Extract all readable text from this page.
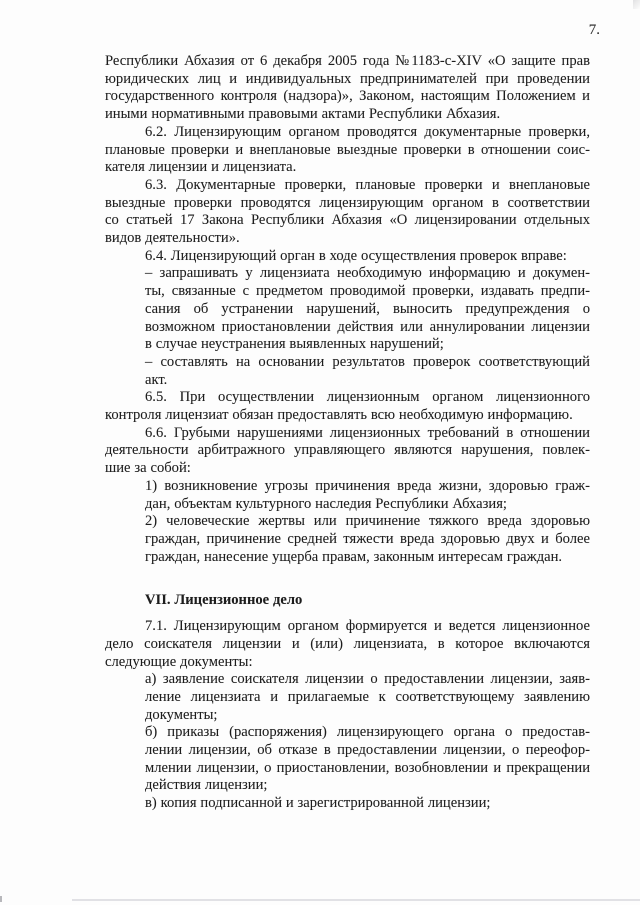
7.
Республики Абхазия от 6 декабря 2005 года №1183-с-XIV «О защите прав
юридических лиц и индивидуальных предпринимателей при проведении
государственного контроля (надзора)», Законом, настоящим Положением и
иными нормативными правовыми актами Республики Абхазия.
6.2. Лицензирующим органом проводятся документарные проверки,
плановые проверки и внеплановые выездные проверки в отношении соис-
кателя лицензии и лицензиата.
6.3. Документарные проверки, плановые проверки и внеплановые
выездные проверки проводятся лицензирующим органом в соответствии
со статьей 17 Закона Республики Абхазия «О лицензировании отдельных
видов деятельности».
6.4. Лицензирующий орган в ходе осуществления проверок вправе:
– запрашивать у лицензиата необходимую информацию и докумен-
ты, связанные с предметом проводимой проверки, издавать предпи-
сания об устранении нарушений, выносить предупреждения о
возможном приостановлении действия или аннулировании лицензии
в случае неустранения выявленных нарушений;
– составлять на основании результатов проверок соответствующий
акт.
6.5. При осуществлении лицензионным органом лицензионного
контроля лицензиат обязан предоставлять всю необходимую информацию.
6.6. Грубыми нарушениями лицензионных требований в отношении
деятельности арбитражного управляющего являются нарушения, повлек-
шие за собой:
1) возникновение угрозы причинения вреда жизни, здоровью граж-
дан, объектам культурного наследия Республики Абхазия;
2) человеческие жертвы или причинение тяжкого вреда здоровью
граждан, причинение средней тяжести вреда здоровью двух и более
граждан, нанесение ущерба правам, законным интересам граждан.
VII. Лицензионное дело
7.1. Лицензирующим органом формируется и ведется лицензионное
дело соискателя лицензии и (или) лицензиата, в которое включаются
следующие документы:
а) заявление соискателя лицензии о предоставлении лицензии, заяв-
ление лицензиата и прилагаемые к соответствующему заявлению
документы;
б) приказы (распоряжения) лицензирующего органа о предостав-
лении лицензии, об отказе в предоставлении лицензии, о переофор-
млении лицензии, о приостановлении, возобновлении и прекращении
действия лицензии;
в) копия подписанной и зарегистрированной лицензии;
